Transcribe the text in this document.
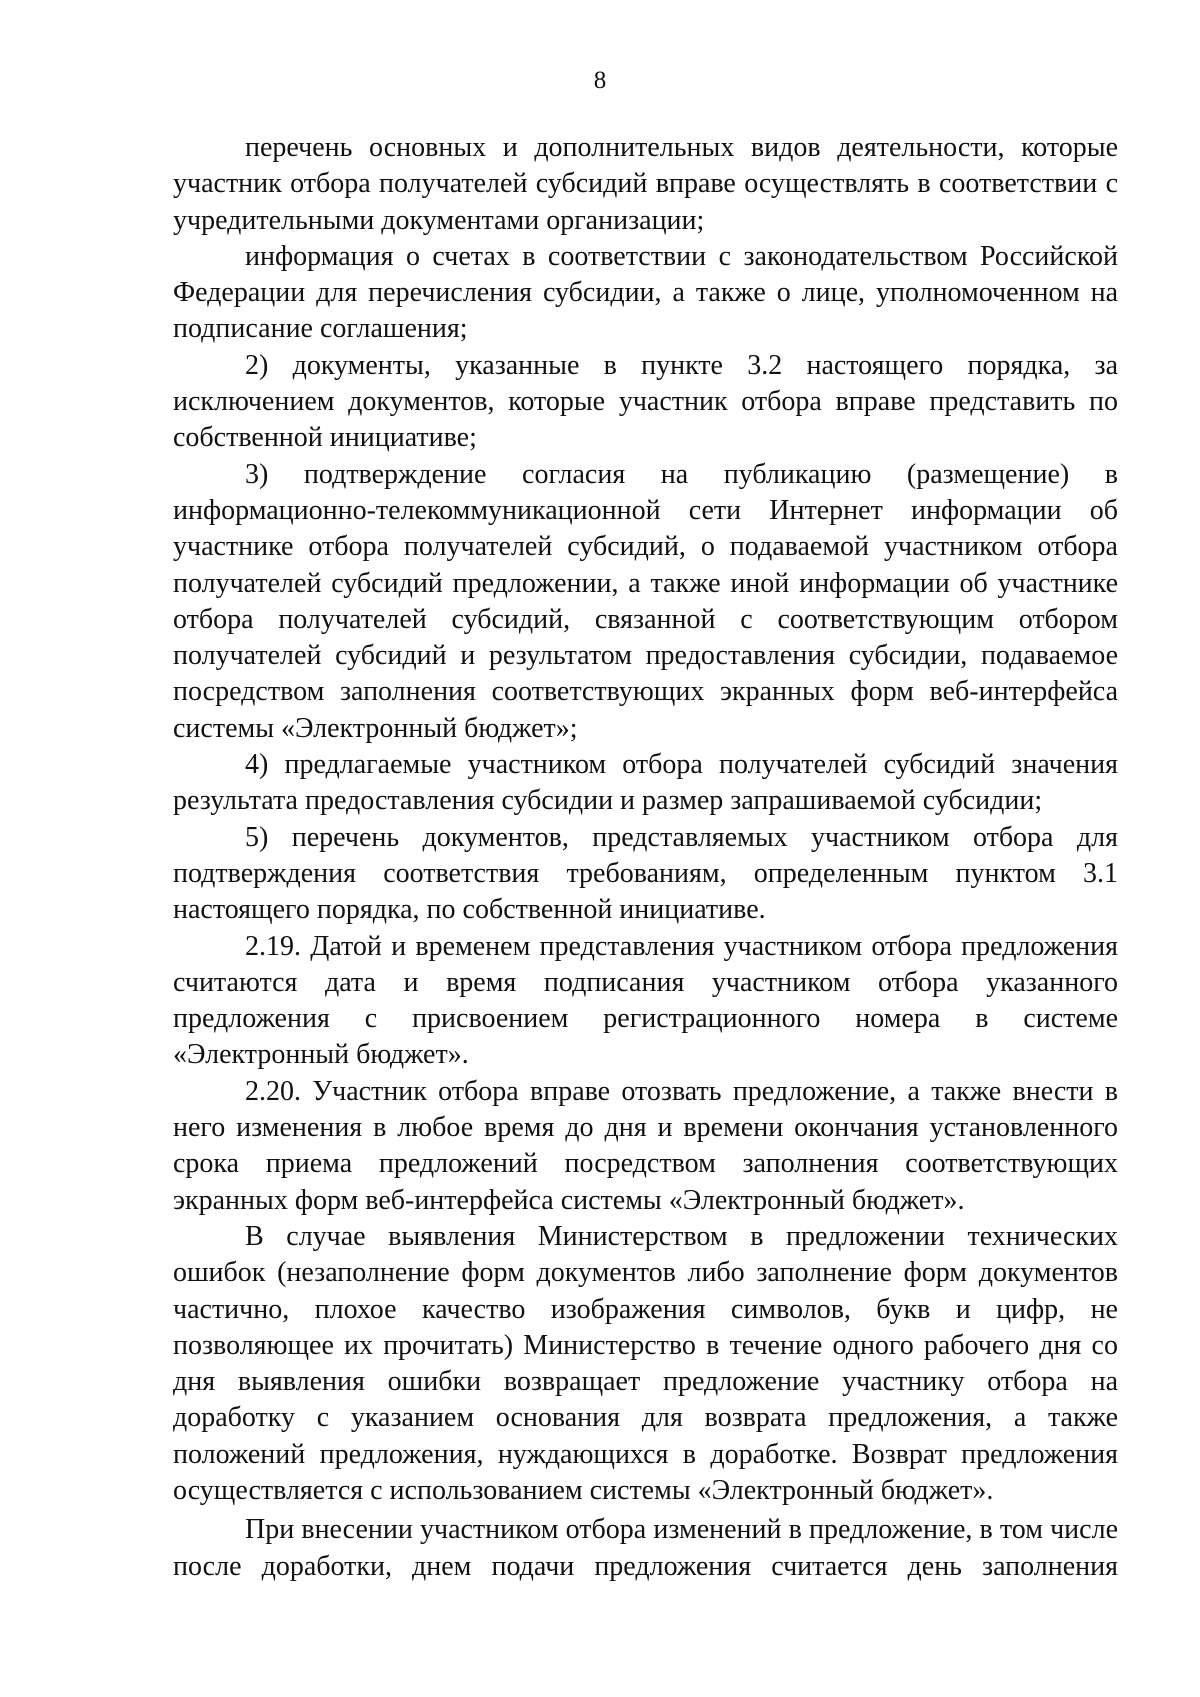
8

перечень основных и дополнительных видов деятельности, которые участник отбора получателей субсидий вправе осуществлять в соответствии с учредительными документами организации;

информация о счетах в соответствии с законодательством Российской Федерации для перечисления субсидии, а также о лице, уполномоченном на подписание соглашения;

2) документы, указанные в пункте 3.2 настоящего порядка, за исключением документов, которые участник отбора вправе представить по собственной инициативе;

3) подтверждение согласия на публикацию (размещение) в информационно-телекоммуникационной сети Интернет информации об участнике отбора получателей субсидий, о подаваемой участником отбора получателей субсидий предложении, а также иной информации об участнике отбора получателей субсидий, связанной с соответствующим отбором получателей субсидий и результатом предоставления субсидии, подаваемое посредством заполнения соответствующих экранных форм веб-интерфейса системы «Электронный бюджет»;

4) предлагаемые участником отбора получателей субсидий значения результата предоставления субсидии и размер запрашиваемой субсидии;

5) перечень документов, представляемых участником отбора для подтверждения соответствия требованиям, определенным пунктом 3.1 настоящего порядка, по собственной инициативе.

2.19. Датой и временем представления участником отбора предложения считаются дата и время подписания участником отбора указанного предложения с присвоением регистрационного номера в системе «Электронный бюджет».

2.20. Участник отбора вправе отозвать предложение, а также внести в него изменения в любое время до дня и времени окончания установленного срока приема предложений посредством заполнения соответствующих экранных форм веб-интерфейса системы «Электронный бюджет».

В случае выявления Министерством в предложении технических ошибок (незаполнение форм документов либо заполнение форм документов частично, плохое качество изображения символов, букв и цифр, не позволяющее их прочитать) Министерство в течение одного рабочего дня со дня выявления ошибки возвращает предложение участнику отбора на доработку с указанием основания для возврата предложения, а также положений предложения, нуждающихся в доработке. Возврат предложения осуществляется с использованием системы «Электронный бюджет».

При внесении участником отбора изменений в предложение, в том числе после доработки, днем подачи предложения считается день заполнения
